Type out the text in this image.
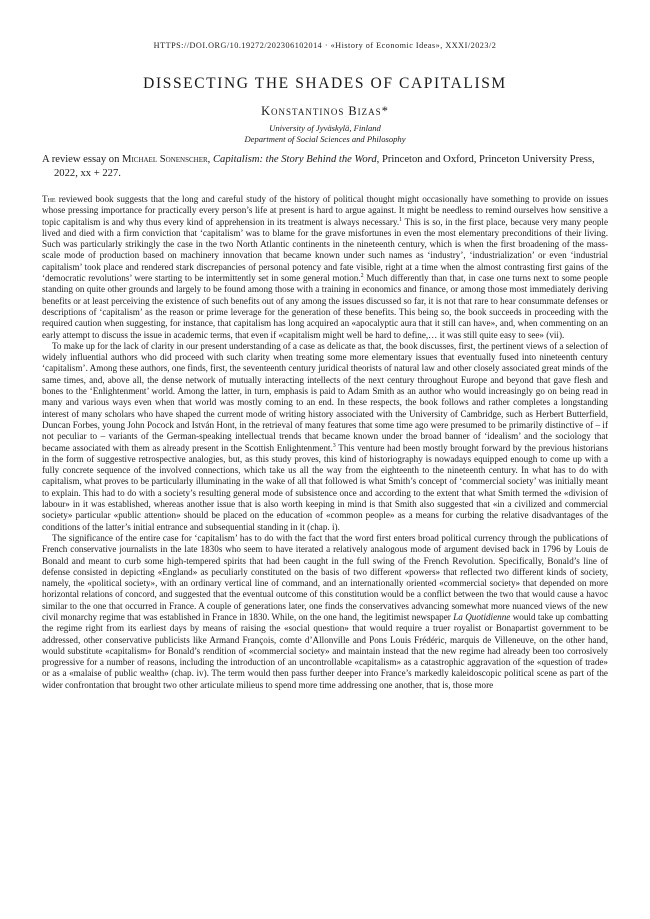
HTTPS://DOI.ORG/10.19272/202306102014 · «History of Economic Ideas», XXXI/2023/2
DISSECTING THE SHADES OF CAPITALISM
Konstantinos Bizas*
University of Jyväskylä, Finland
Department of Social Sciences and Philosophy
A review essay on Michael Sonenscher, Capitalism: the Story Behind the Word, Princeton and Oxford, Princeton University Press, 2022, xx + 227.

The reviewed book suggests that the long and careful study of the history of political thought might occasionally have something to provide on issues whose pressing importance for practically every person’s life at present is hard to argue against. It might be needless to remind ourselves how sensitive a topic capitalism is and why thus every kind of apprehension in its treatment is always necessary.$^1$ This is so, in the first place, because very many people lived and died with a firm conviction that ‘capitalism’ was to blame for the grave misfortunes in even the most elementary preconditions of their living. Such was particularly strikingly the case in the two North Atlantic continents in the nineteenth century, which is when the first broadening of the mass-scale mode of production based on machinery innovation that became known under such names as ‘industry’, ‘industrialization’ or even ‘industrial capitalism’ took place and rendered stark discrepancies of personal potency and fate visible, right at a time when the almost contrasting first gains of the ‘democratic revolutions’ were starting to be intermittently set in some general motion.$^2$ Much differently than that, in case one turns next to some people standing on quite other grounds and largely to be found among those with a training in economics and finance, or among those most immediately deriving benefits or at least perceiving the existence of such benefits out of any among the issues discussed so far, it is not that rare to hear consummate defenses or descriptions of ‘capitalism’ as the reason or prime leverage for the generation of these benefits. This being so, the book succeeds in proceeding with the required caution when suggesting, for instance, that capitalism has long acquired an «apocalyptic aura that it still can have», and, when commenting on an early attempt to discuss the issue in academic terms, that even if «capitalism might well be hard to define,… it was still quite easy to see» (vii).

To make up for the lack of clarity in our present understanding of a case as delicate as that, the book discusses, first, the pertinent views of a selection of widely influential authors who did proceed with such clarity when treating some more elementary issues that eventually fused into nineteenth century ‘capitalism’. Among these authors, one finds, first, the seventeenth century juridical theorists of natural law and other closely associated great minds of the same times, and, above all, the dense network of mutually interacting intellects of the next century throughout Europe and beyond that gave flesh and bones to the ‘Enlightenment’ world. Among the latter, in turn, emphasis is paid to Adam Smith as an author who would increasingly go on being read in many and various ways even when that world was mostly coming to an end. In these respects, the book follows and rather completes a longstanding interest of many scholars who have shaped the current mode of writing history associated with the University of Cambridge, such as Herbert Butterfield, Duncan Forbes, young John Pocock and István Hont, in the retrieval of many features that some time ago were presumed to be primarily distinctive of – if not peculiar to – variants of the German-speaking intellectual trends that became known under the broad banner of ‘idealism’ and the sociology that became associated with them as already present in the Scottish Enlightenment.$^3$ This venture had been mostly brought forward by the previous historians in the form of suggestive retrospective analogies, but, as this study proves, this kind of historiography is nowadays equipped enough to come up with a fully concrete sequence of the involved connections, which take us all the way from the eighteenth to the nineteenth century. In what has to do with capitalism, what proves to be particularly illuminating in the wake of all that followed is what Smith’s concept of ‘commercial society’ was initially meant to explain. This had to do with a society’s resulting general mode of subsistence once and according to the extent that what Smith termed the «division of labour» in it was established, whereas another issue that is also worth keeping in mind is that Smith also suggested that «in a civilized and commercial society» particular «public attention» should be placed on the education of «common people» as a means for curbing the relative disadvantages of the conditions of the latter’s initial entrance and subsequential standing in it (chap. i).

The significance of the entire case for ‘capitalism’ has to do with the fact that the word first enters broad political currency through the publications of French conservative journalists in the late 1830s who seem to have iterated a relatively analogous mode of argument devised back in 1796 by Louis de Bonald and meant to curb some high-tempered spirits that had been caught in the full swing of the French Revolution. Specifically, Bonald’s line of defense consisted in depicting «England» as peculiarly constituted on the basis of two different «powers» that reflected two different kinds of society, namely, the «political society», with an ordinary vertical line of command, and an internationally oriented «commercial society» that depended on more horizontal relations of concord, and suggested that the eventual outcome of this constitution would be a conflict between the two that would cause a havoc similar to the one that occurred in France. A couple of generations later, one finds the conservatives advancing somewhat more nuanced views of the new civil monarchy regime that was established in France in 1830. While, on the one hand, the legitimist newspaper La Quotidienne would take up combatting the regime right from its earliest days by means of raising the «social question» that would require a truer royalist or Bonapartist government to be addressed, other conservative publicists like Armand François, comte d’Allonville and Pons Louis Frédéric, marquis de Villeneuve, on the other hand, would substitute «capitalism» for Bonald’s rendition of «commercial society» and maintain instead that the new regime had already been too corrosively progressive for a number of reasons, including the introduction of an uncontrollable «capitalism» as a catastrophic aggravation of the «question of trade» or as a «malaise of public wealth» (chap. iv). The term would then pass further deeper into France’s markedly kaleidoscopic political scene as part of the wider confrontation that brought two other articulate milieus to spend more time addressing one another, that is, those more
